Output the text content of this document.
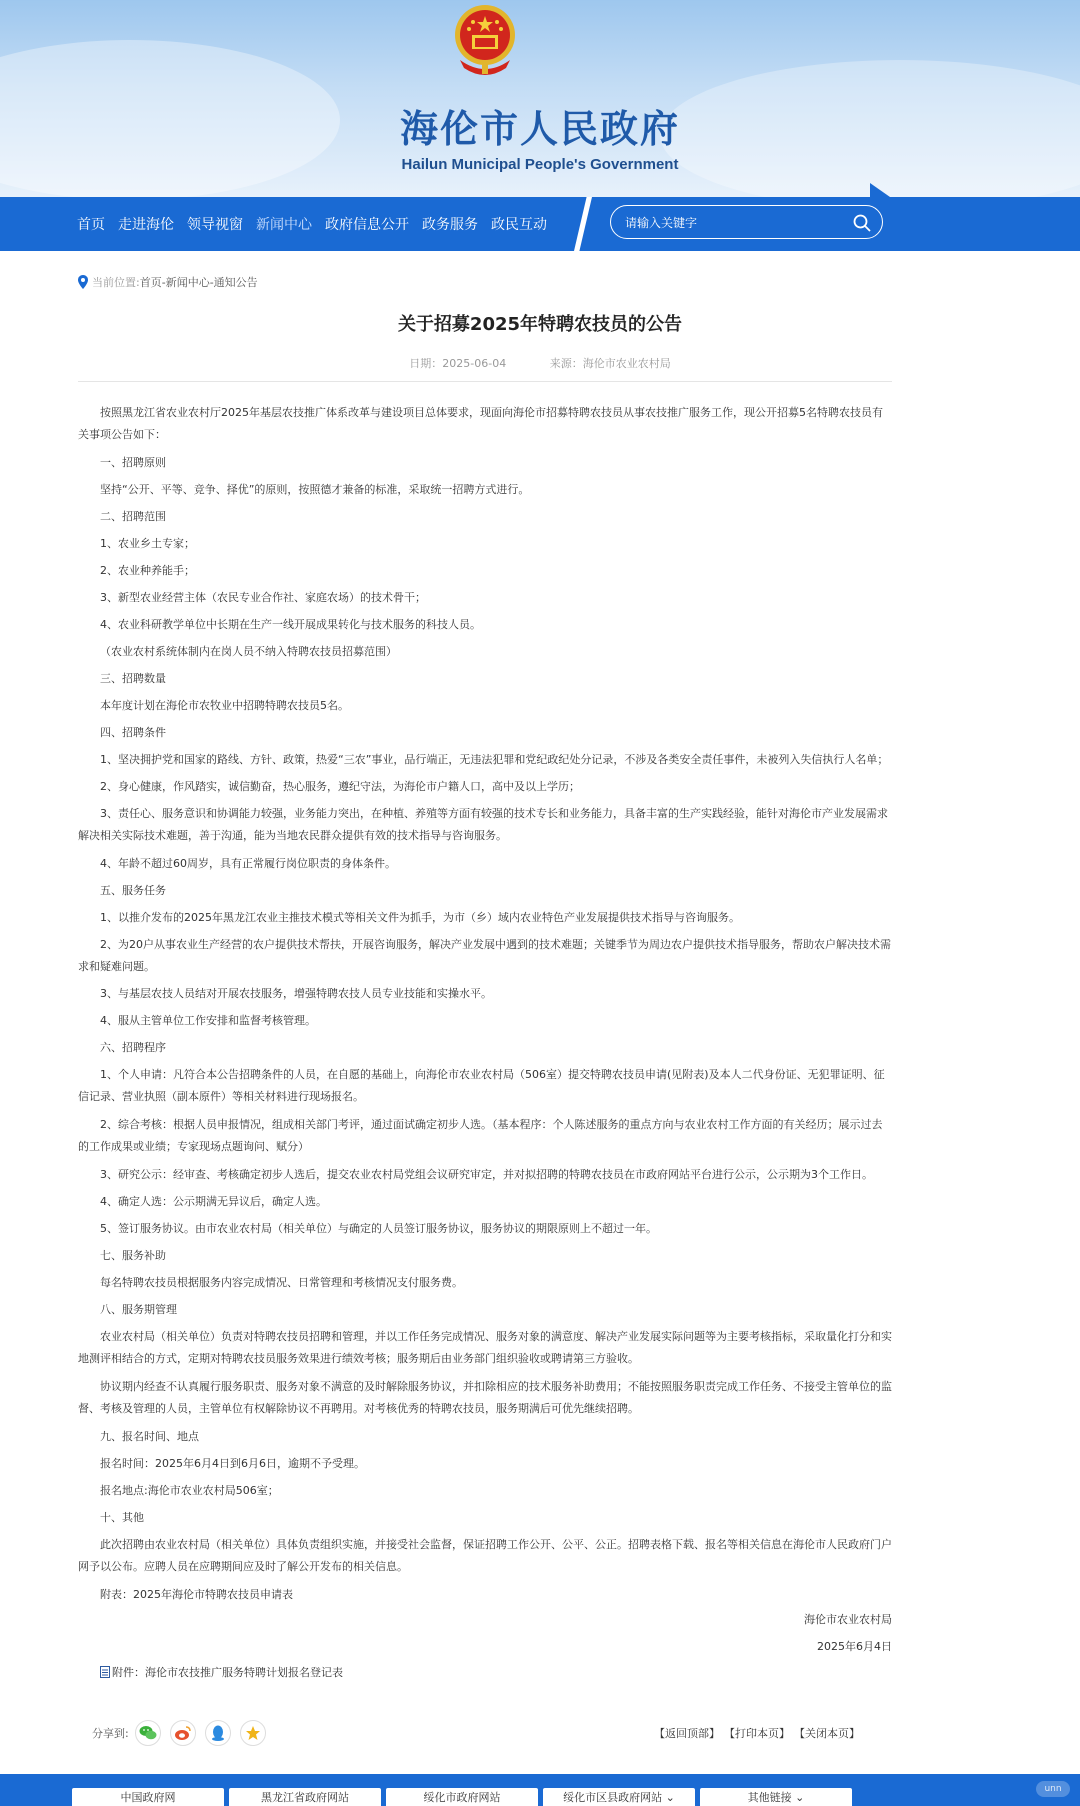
海伦市人民政府
Hailun Municipal People's Government
首页 走进海伦 领导视窗 新闻中心 政府信息公开 政务服务 政民互动
请输入关键字
当前位置: 首页-新闻中心-通知公告
关于招募2025年特聘农技员的公告
日期：2025-06-04	来源：海伦市农业农村局

按照黑龙江省农业农村厅2025年基层农技推广体系改革与建设项目总体要求，现面向海伦市招募特聘农技员从事农技推广服务工作，现公开招募5名特聘农技员有关事项公告如下：

一、招聘原则

坚持“公开、平等、竞争、择优”的原则，按照德才兼备的标准，采取统一招聘方式进行。

二、招聘范围

1、农业乡土专家；

2、农业种养能手；

3、新型农业经营主体（农民专业合作社、家庭农场）的技术骨干；

4、农业科研教学单位中长期在生产一线开展成果转化与技术服务的科技人员。

（农业农村系统体制内在岗人员不纳入特聘农技员招募范围）

三、招聘数量

本年度计划在海伦市农牧业中招聘特聘农技员5名。

四、招聘条件

1、坚决拥护党和国家的路线、方针、政策，热爱“三农”事业，品行端正，无违法犯罪和党纪政纪处分记录，不涉及各类安全责任事件，未被列入失信执行人名单；

2、身心健康，作风踏实，诚信勤奋，热心服务，遵纪守法，为海伦市户籍人口，高中及以上学历；

3、责任心、服务意识和协调能力较强，业务能力突出，在种植、养殖等方面有较强的技术专长和业务能力，具备丰富的生产实践经验，能针对海伦市产业发展需求解决相关实际技术难题，善于沟通，能为当地农民群众提供有效的技术指导与咨询服务。

4、年龄不超过60周岁，具有正常履行岗位职责的身体条件。

五、服务任务

1、以推介发布的2025年黑龙江农业主推技术模式等相关文件为抓手，为市（乡）域内农业特色产业发展提供技术指导与咨询服务。

2、为20户从事农业生产经营的农户提供技术帮扶，开展咨询服务，解决产业发展中遇到的技术难题；关键季节为周边农户提供技术指导服务，帮助农户解决技术需求和疑难问题。

3、与基层农技人员结对开展农技服务，增强特聘农技人员专业技能和实操水平。

4、服从主管单位工作安排和监督考核管理。

六、招聘程序

1、个人申请：凡符合本公告招聘条件的人员，在自愿的基础上，向海伦市农业农村局（506室）提交特聘农技员申请(见附表)及本人二代身份证、无犯罪证明、征信记录、营业执照（副本原件）等相关材料进行现场报名。

2、综合考核：根据人员申报情况，组成相关部门考评，通过面试确定初步人选。（基本程序：个人陈述服务的重点方向与农业农村工作方面的有关经历；展示过去的工作成果或业绩；专家现场点题询问、赋分）

3、研究公示：经审查、考核确定初步人选后，提交农业农村局党组会议研究审定，并对拟招聘的特聘农技员在市政府网站平台进行公示，公示期为3个工作日。

4、确定人选：公示期满无异议后，确定人选。

5、签订服务协议。由市农业农村局（相关单位）与确定的人员签订服务协议，服务协议的期限原则上不超过一年。

七、服务补助

每名特聘农技员根据服务内容完成情况、日常管理和考核情况支付服务费。

八、服务期管理

农业农村局（相关单位）负责对特聘农技员招聘和管理，并以工作任务完成情况、服务对象的满意度、解决产业发展实际问题等为主要考核指标，采取量化打分和实地测评相结合的方式，定期对特聘农技员服务效果进行绩效考核；服务期后由业务部门组织验收或聘请第三方验收。

协议期内经查不认真履行服务职责、服务对象不满意的及时解除服务协议，并扣除相应的技术服务补助费用；不能按照服务职责完成工作任务、不接受主管单位的监督、考核及管理的人员，主管单位有权解除协议不再聘用。对考核优秀的特聘农技员，服务期满后可优先继续招聘。

九、报名时间、地点

报名时间：2025年6月4日到6月6日，逾期不予受理。

报名地点:海伦市农业农村局506室；

十、其他

此次招聘由农业农村局（相关单位）具体负责组织实施，并接受社会监督，保证招聘工作公开、公平、公正。招聘表格下载、报名等相关信息在海伦市人民政府门户网予以公布。应聘人员在应聘期间应及时了解公开发布的相关信息。

附表：2025年海伦市特聘农技员申请表

海伦市农业农村局
2025年6月4日
附件：海伦市农技推广服务特聘计划报名登记表
分享到:	【返回顶部】 【打印本页】 【关闭本页】
中国政府网	黑龙江省政府网站	绥化市政府网站	绥化市区县政府网站 ⌄	其他链接 ⌄
unn
